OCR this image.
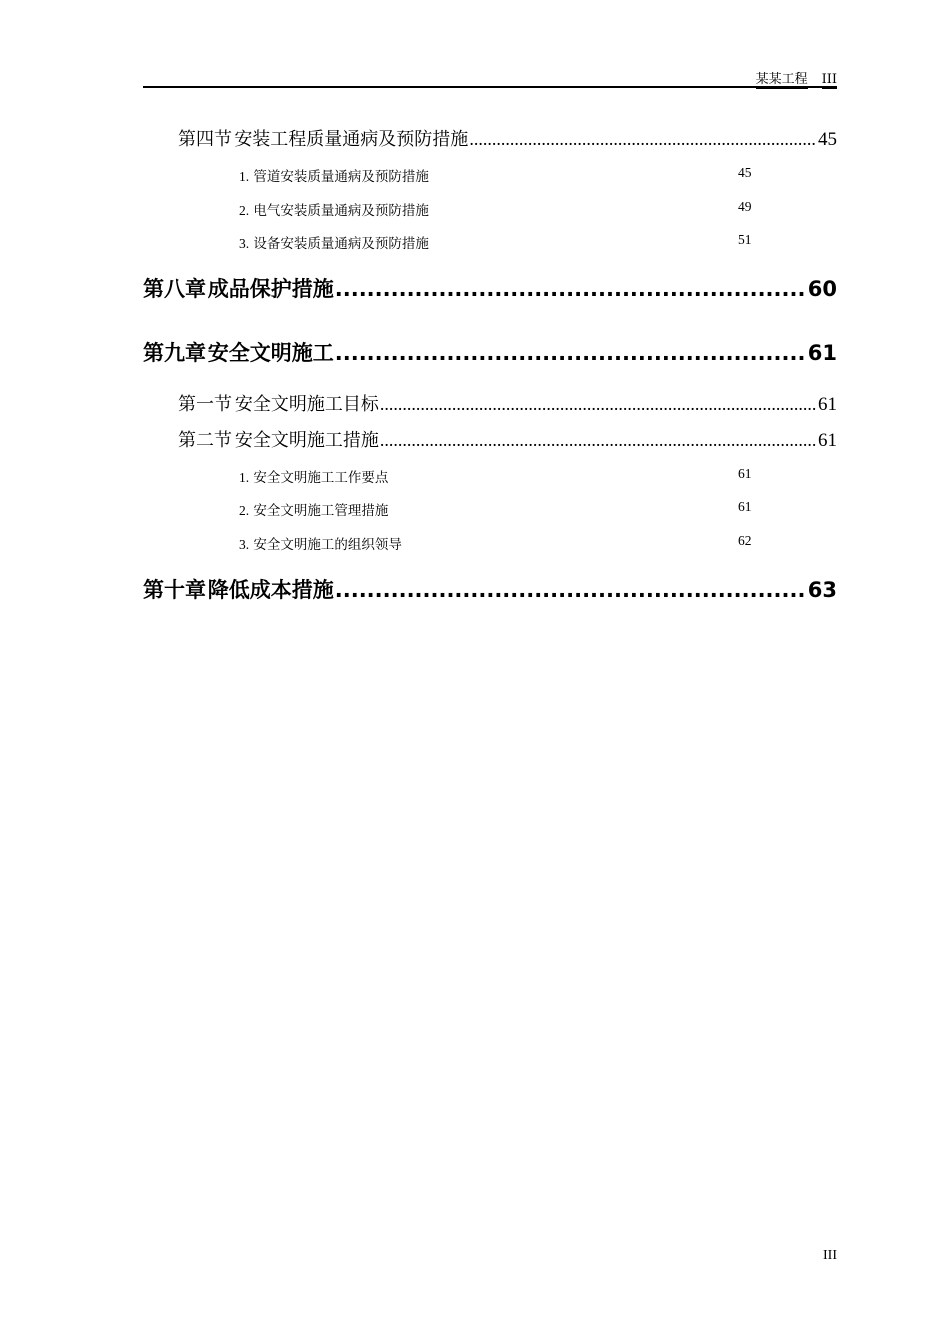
某某工程 III
第四节 安装工程质量通病及预防措施 .....	45
1. 管道安装质量通病及预防措施	45
2. 电气安装质量通病及预防措施	49
3. 设备安装质量通病及预防措施	51
第八章 成品保护措施 .....	60
第九章 安全文明施工 .....	61
第一节 安全文明施工目标 .....	61
第二节 安全文明施工措施 .....	61
1. 安全文明施工工作要点	61
2. 安全文明施工管理措施	61
3. 安全文明施工的组织领导	62
第十章 降低成本措施 .....	63
III
